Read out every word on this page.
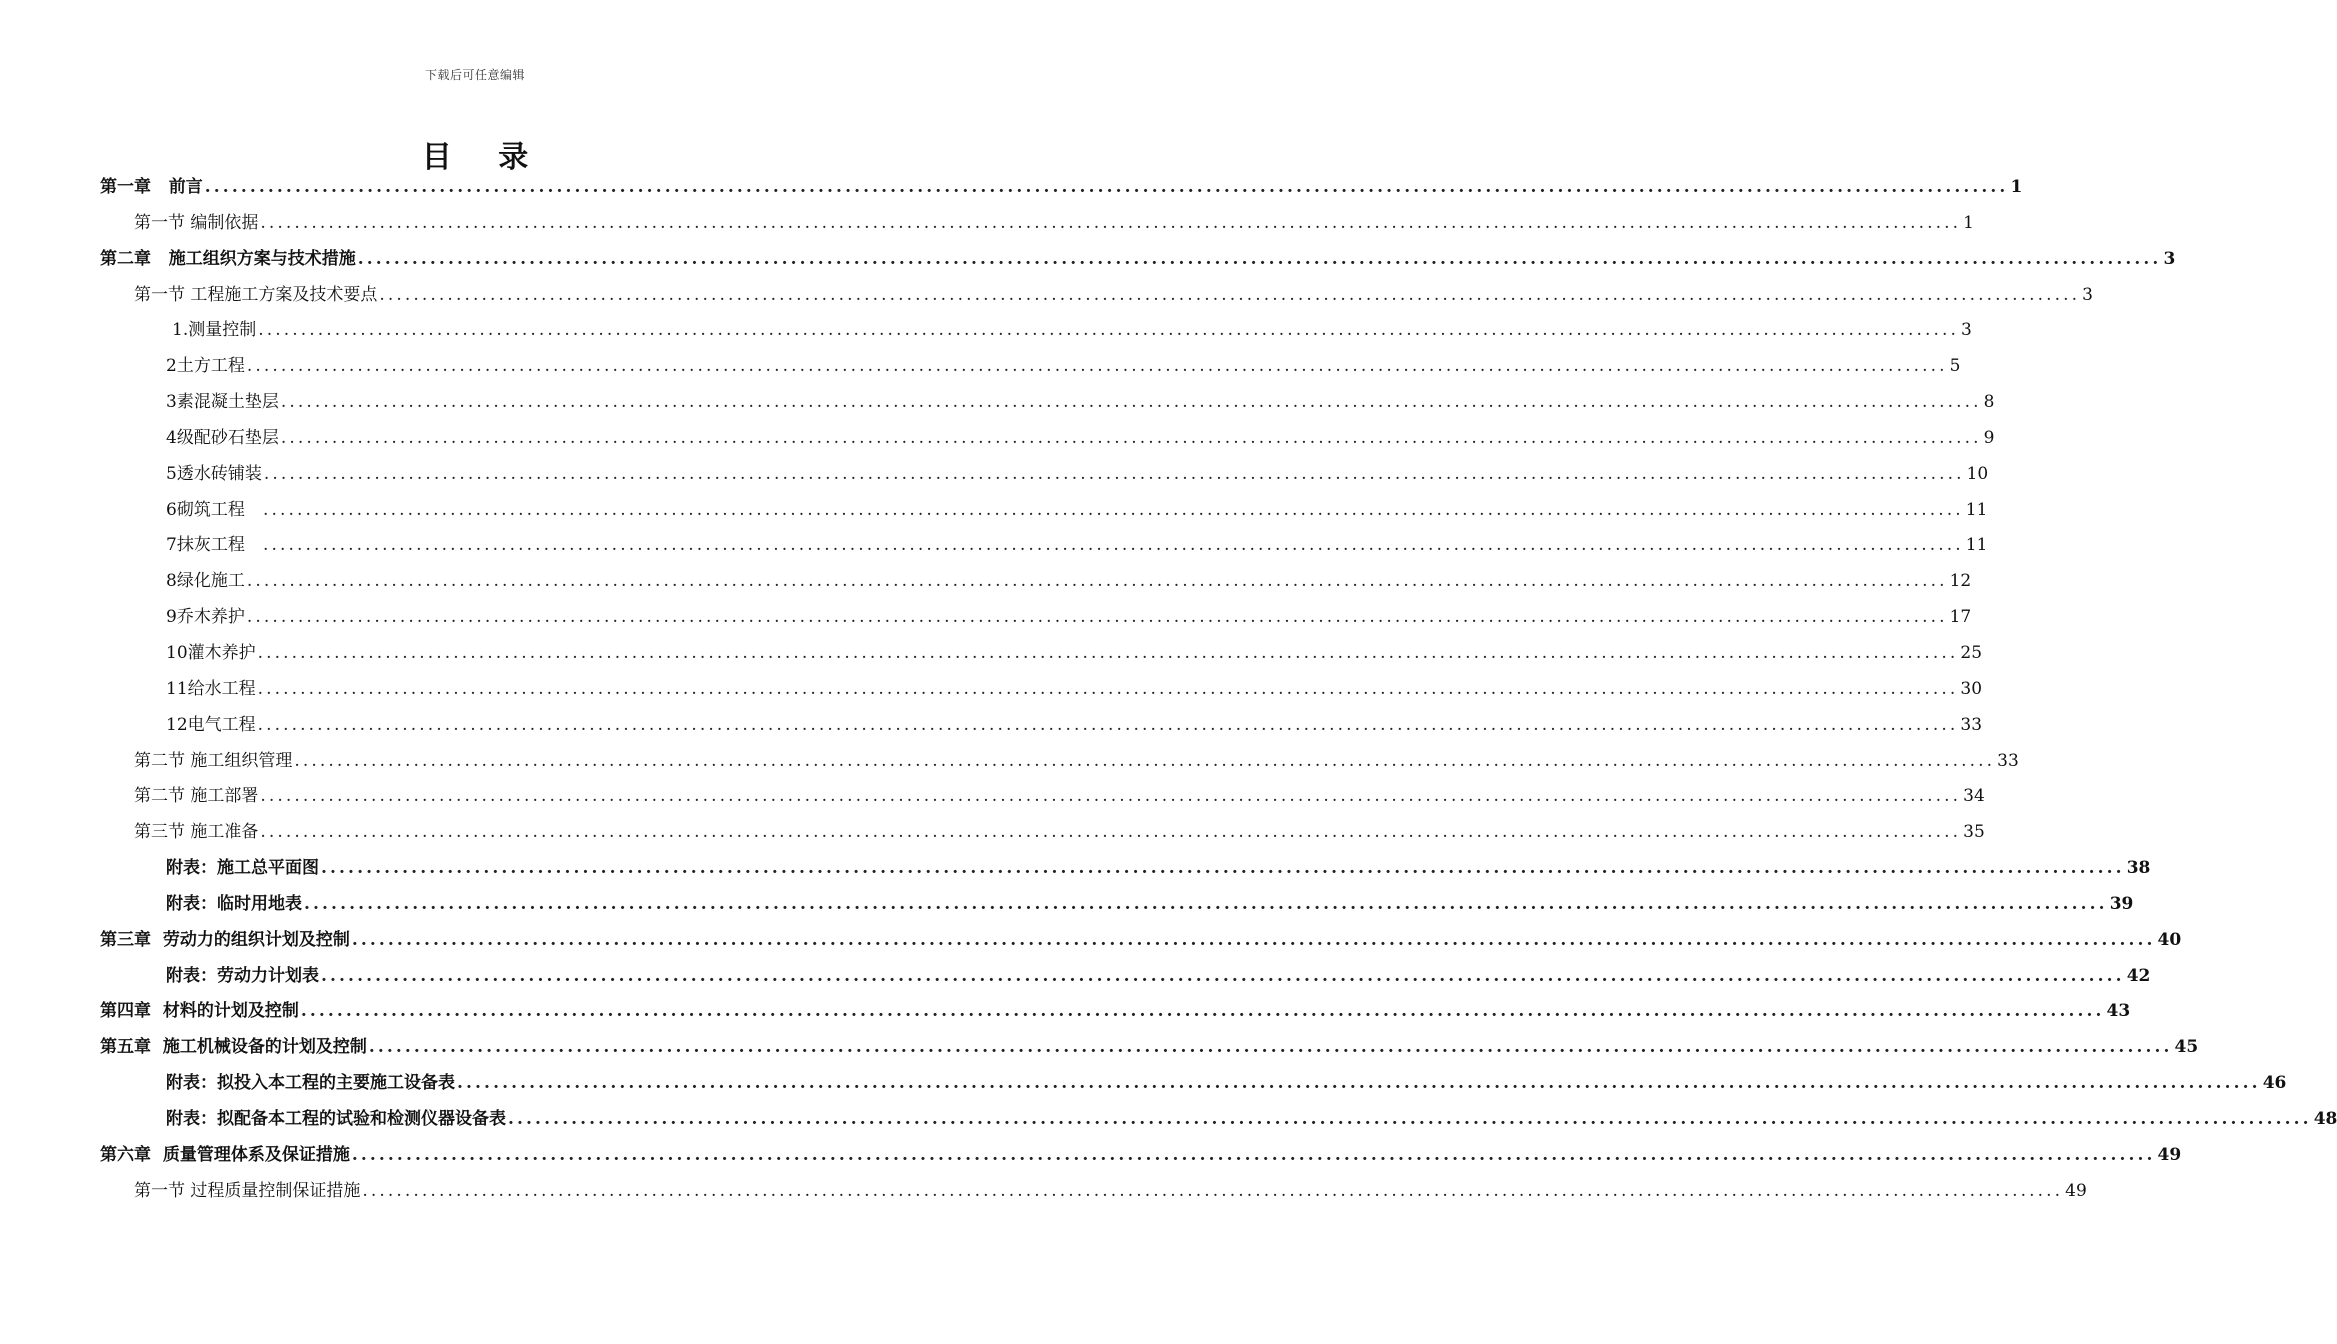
下载后可任意编辑
目 录
第一章   前言 ........................................................................................................................................................................................................ 1
第一节 编制依据 ........................................................................................................................................................................................................ 1
第二章   施工组织方案与技术措施 ........................................................................................................................................................................................................ 3
第一节 工程施工方案及技术要点 ........................................................................................................................................................................................................ 3
1.测量控制 ........................................................................................................................................................................................................ 3
2土方工程 ........................................................................................................................................................................................................ 5
3素混凝土垫层 ........................................................................................................................................................................................................ 8
4级配砂石垫层 ........................................................................................................................................................................................................ 9
5透水砖铺装 ........................................................................................................................................................................................................ 10
6砌筑工程 ........................................................................................................................................................................................................ 11
7抹灰工程 ........................................................................................................................................................................................................ 11
8绿化施工 ........................................................................................................................................................................................................ 12
9乔木养护 ........................................................................................................................................................................................................ 17
10灌木养护 ........................................................................................................................................................................................................ 25
11给水工程 ........................................................................................................................................................................................................ 30
12电气工程 ........................................................................................................................................................................................................ 33
第二节 施工组织管理 ........................................................................................................................................................................................................ 33
第二节 施工部署 ........................................................................................................................................................................................................ 34
第三节 施工准备 ........................................................................................................................................................................................................ 35
附表：施工总平面图 ........................................................................................................................................................................................................ 38
附表：临时用地表 ........................................................................................................................................................................................................ 39
第三章  劳动力的组织计划及控制 ........................................................................................................................................................................................................ 40
附表：劳动力计划表 ........................................................................................................................................................................................................ 42
第四章  材料的计划及控制 ........................................................................................................................................................................................................ 43
第五章  施工机械设备的计划及控制 ........................................................................................................................................................................................................ 45
附表：拟投入本工程的主要施工设备表 ........................................................................................................................................................................................................ 46
附表：拟配备本工程的试验和检测仪器设备表 ........................................................................................................................................................................................................ 48
第六章  质量管理体系及保证措施 ........................................................................................................................................................................................................ 49
第一节 过程质量控制保证措施 ........................................................................................................................................................................................................ 49
